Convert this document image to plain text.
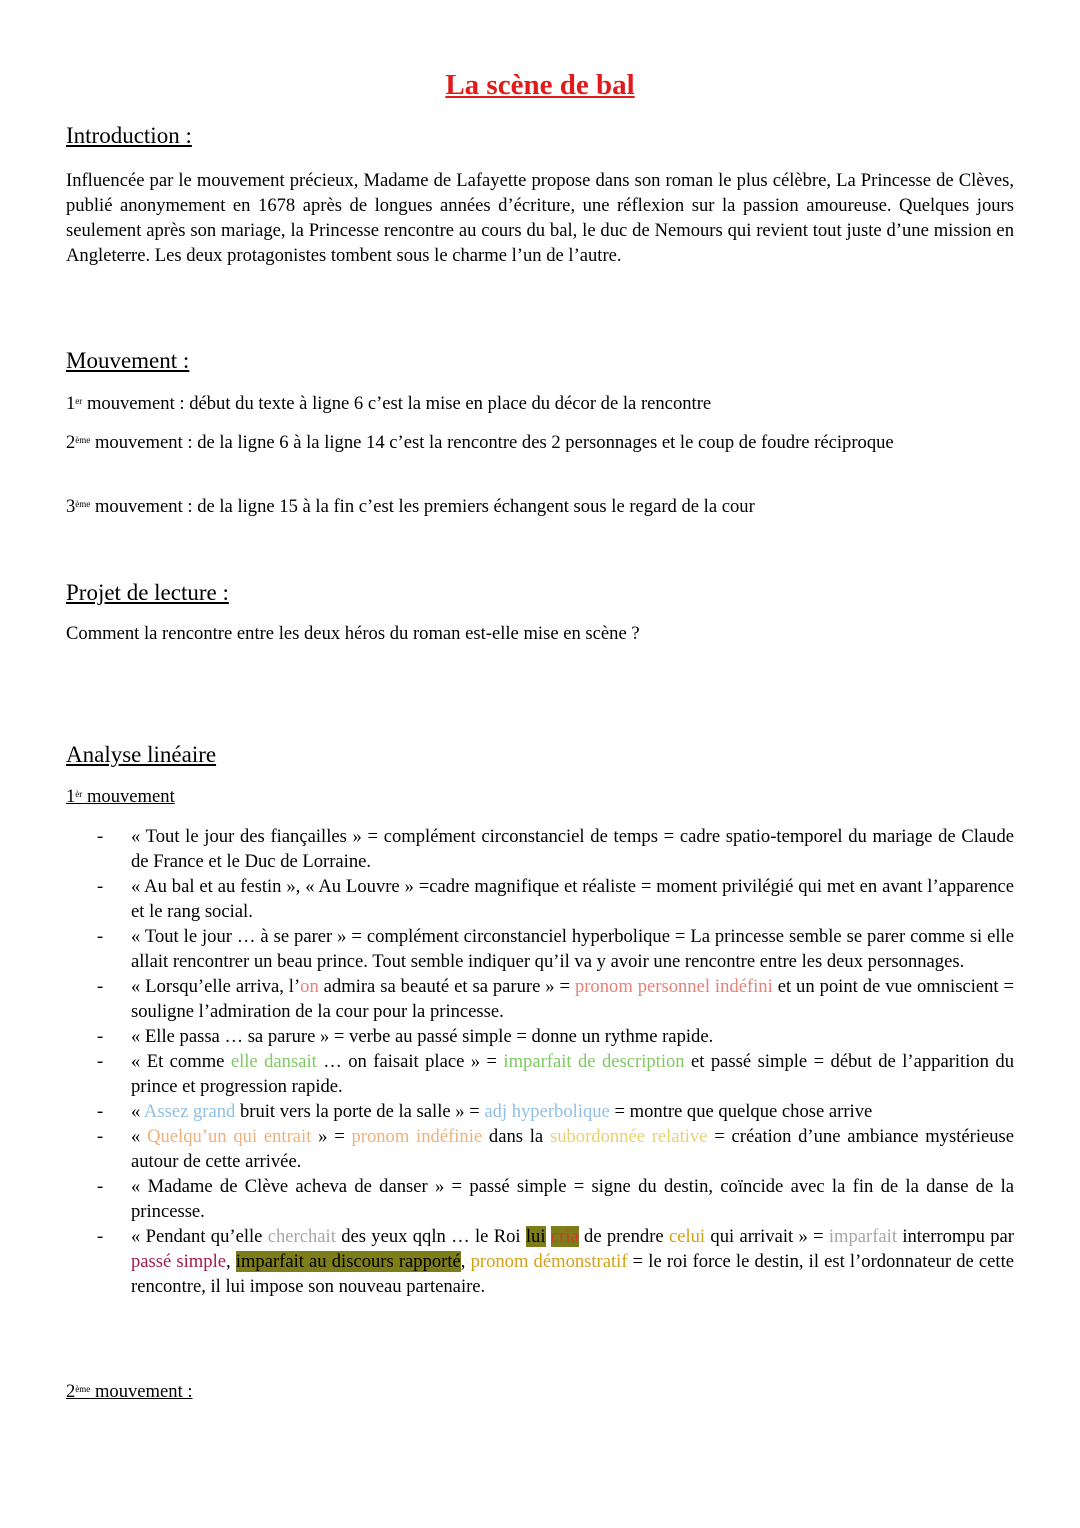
La scène de bal
Introduction :

Influencée par le mouvement précieux, Madame de Lafayette propose dans son roman le plus célèbre, La Princesse de Clèves, publié anonymement en 1678 après de longues années d’écriture, une réflexion sur la passion amoureuse. Quelques jours seulement après son mariage, la Princesse rencontre au cours du bal, le duc de Nemours qui revient tout juste d’une mission en Angleterre. Les deux protagonistes tombent sous le charme l’un de l’autre.

Mouvement :

1er mouvement : début du texte à ligne 6 c’est la mise en place du décor de la rencontre

2ème mouvement : de la ligne 6 à la ligne 14 c’est la rencontre des 2 personnages et le coup de foudre réciproque

3ème mouvement : de la ligne 15 à la fin c’est les premiers échangent sous le regard de la cour

Projet de lecture :

Comment la rencontre entre les deux héros du roman est-elle mise en scène ?

Analyse linéaire
$1^{èr}$ mouvement
- « Tout le jour des fiançailles » = complément circonstanciel de temps = cadre spatio-temporel du mariage de Claude de France et le Duc de Lorraine.
- « Au bal et au festin », « Au Louvre » =cadre magnifique et réaliste = moment privilégié qui met en avant l’apparence et le rang social.
- « Tout le jour … à se parer » = complément circonstanciel hyperbolique = La princesse semble se parer comme si elle allait rencontrer un beau prince. Tout semble indiquer qu’il va y avoir une rencontre entre les deux personnages.
- « Lorsqu’elle arriva, l’on admira sa beauté et sa parure » = pronom personnel indéfini et un point de vue omniscient = souligne l’admiration de la cour pour la princesse.
- « Elle passa … sa parure » = verbe au passé simple = donne un rythme rapide.
- « Et comme elle dansait … on faisait place » = imparfait de description et passé simple = début de l’apparition du prince et progression rapide.
- « Assez grand bruit vers la porte de la salle » = adj hyperbolique = montre que quelque chose arrive
- « Quelqu’un qui entrait » = pronom indéfinie dans la subordonnée relative = création d’une ambiance mystérieuse autour de cette arrivée.
- « Madame de Clève acheva de danser » = passé simple = signe du destin, coïncide avec la fin de la danse de la princesse.
- « Pendant qu’elle cherchait des yeux qqln … le Roi lui cria de prendre celui qui arrivait » = imparfait interrompu par passé simple, imparfait au discours rapporté, pronom démonstratif = le roi force le destin, il est l’ordonnateur de cette rencontre, il lui impose son nouveau partenaire.
2ème mouvement :
